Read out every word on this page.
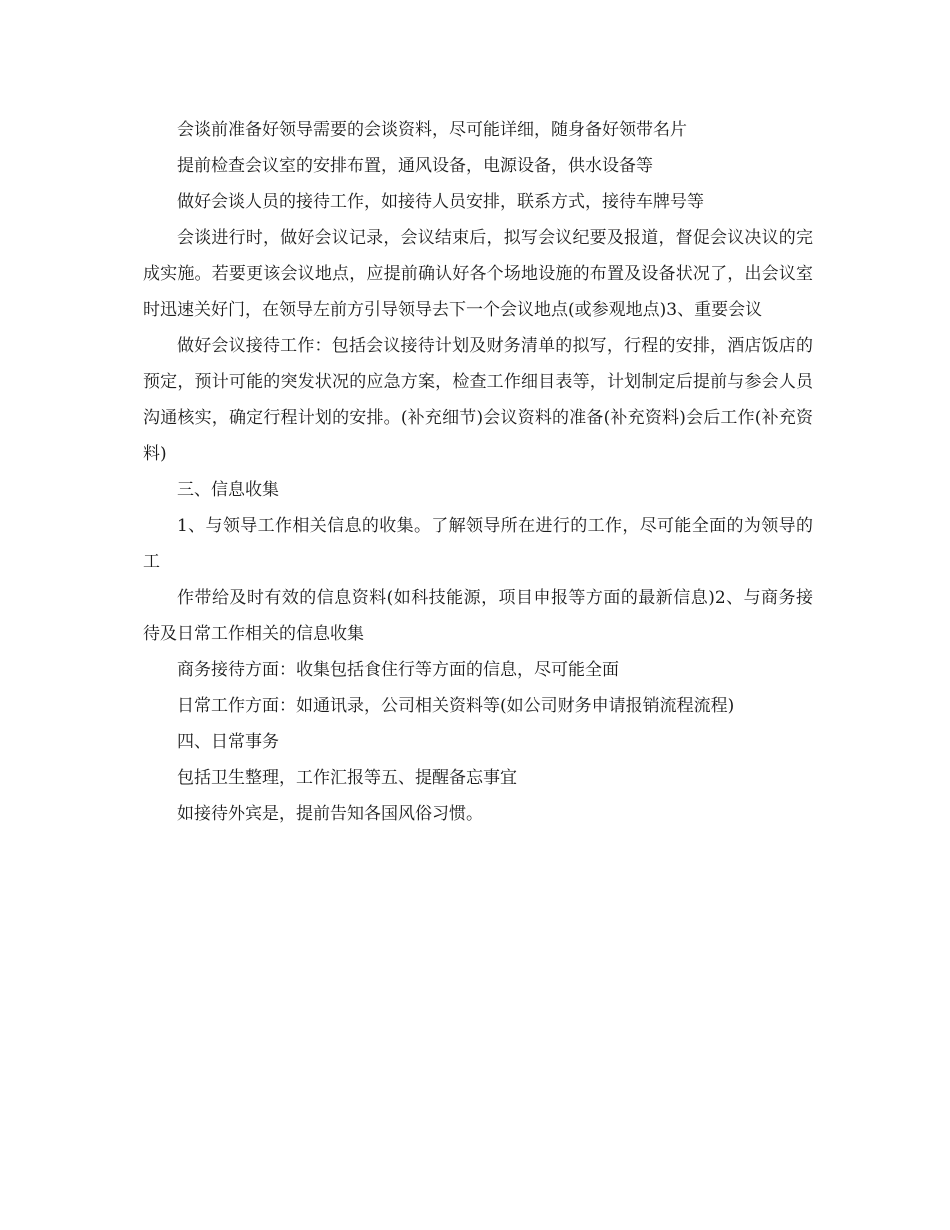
会谈前准备好领导需要的会谈资料，尽可能详细，随身备好领带名片

提前检查会议室的安排布置，通风设备，电源设备，供水设备等

做好会谈人员的接待工作，如接待人员安排，联系方式，接待车牌号等

会谈进行时，做好会议记录，会议结束后，拟写会议纪要及报道，督促会议决议的完成实施。若要更该会议地点，应提前确认好各个场地设施的布置及设备状况了，出会议室时迅速关好门，在领导左前方引导领导去下一个会议地点(或参观地点)3、重要会议

做好会议接待工作：包括会议接待计划及财务清单的拟写，行程的安排，酒店饭店的预定，预计可能的突发状况的应急方案，检查工作细目表等，计划制定后提前与参会人员沟通核实，确定行程计划的安排。(补充细节)会议资料的准备(补充资料)会后工作(补充资料)

三、信息收集

1、与领导工作相关信息的收集。了解领导所在进行的工作，尽可能全面的为领导的工

作带给及时有效的信息资料(如科技能源，项目申报等方面的最新信息)2、与商务接待及日常工作相关的信息收集

商务接待方面：收集包括食住行等方面的信息，尽可能全面

日常工作方面：如通讯录，公司相关资料等(如公司财务申请报销流程流程)

四、日常事务

包括卫生整理，工作汇报等五、提醒备忘事宜

如接待外宾是，提前告知各国风俗习惯。
